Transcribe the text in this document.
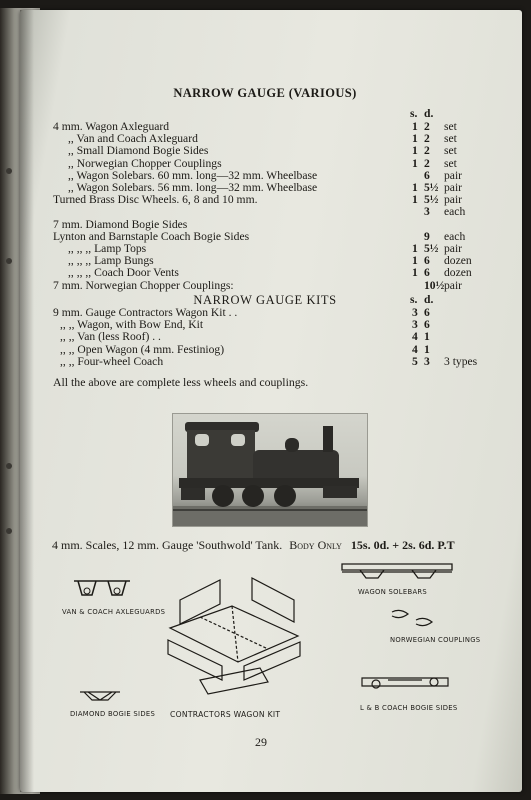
NARROW GAUGE (VARIOUS)
s. d.
4 mm. Wagon Axleguard	1 2 set
,, Van and Coach Axleguard	1 2 set
,, Small Diamond Bogie Sides	1 2 set
,, Norwegian Chopper Couplings	1 2 set
,, Wagon Solebars. 60 mm. long—32 mm. Wheelbase	6 pair
,, Wagon Solebars. 56 mm. long—32 mm. Wheelbase	1 5½ pair
Turned Brass Disc Wheels. 6, 8 and 10 mm.	1 5½ pair
3 each
7 mm. Diamond Bogie Sides
Lynton and Barnstaple Coach Bogie Sides	9 each
,, ,, ,, Lamp Tops	1 5½ pair
,, ,, ,, Lamp Bungs	1 6 dozen
,, ,, ,, Coach Door Vents	1 6 dozen
7 mm. Norwegian Chopper Couplings:	10½ pair
NARROW GAUGE KITS	s. d.
9 mm. Gauge Contractors Wagon Kit . .	3 6
,, ,, Wagon, with Bow End, Kit	3 6
,, ,, Van (less Roof) . .	4 1
,, ,, Open Wagon (4 mm. Festiniog)	4 1
,, ,, Four-wheel Coach	5 3 3 types
All the above are complete less wheels and couplings.
4 mm. Scales, 12 mm. Gauge 'Southwold' Tank. Body Only 15s. 0d. + 2s. 6d. P.T
VAN & COACH AXLEGUARDS
CONTRACTORS WAGON KIT
WAGON SOLEBARS
NORWEGIAN COUPLINGS
DIAMOND BOGIE SIDES
L & B COACH BOGIE SIDES
29
